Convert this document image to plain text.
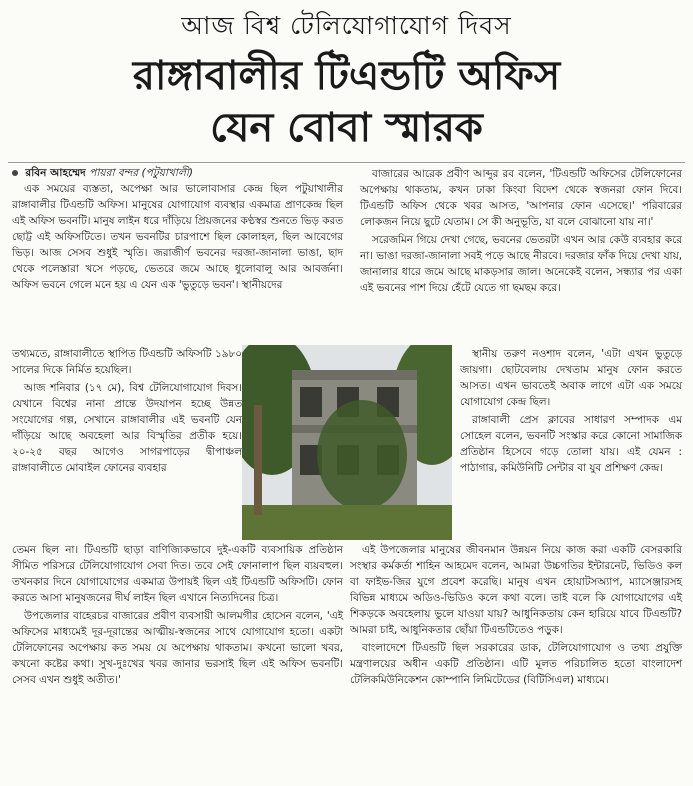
আজ বিশ্ব টেলিযোগাযোগ দিবস
রাঙ্গাবালীর টিএন্ডটি অফিস
যেন বোবা স্মারক
রবিন আহম্মেদ পায়রা বন্দর (পটুয়াখালী)

এক সময়ের ব্যস্ততা, অপেক্ষা আর ভালোবাসার কেন্দ্র ছিল পটুয়াখালীর রাঙ্গাবালীর টিএন্ডটি অফিস। মানুষের যোগাযোগ ব্যবস্থার একমাত্র প্রাণকেন্দ্র ছিল এই অফিস ভবনটি। মানুষ লাইন ধরে দাঁড়িয়ে প্রিয়জনের কণ্ঠস্বর শুনতে ভিড় করত ছোট্ট এই অফিসটিতে। তখন ভবনটির চারপাশে ছিল কোলাহল, ছিল আবেগের ভিড়। আজ সেসব শুধুই স্মৃতি। জরাজীর্ণ ভবনের দরজা-জানালা ভাঙা, ছাদ থেকে পলেস্তারা খসে পড়ছে, ভেতরে জমে আছে ধুলোবালু আর আবর্জনা। অফিস ভবনে গেলে মনে হয় এ যেন এক 'ভুতুড়ে ভবন'। স্থানীয়দের

তথ্যমতে, রাঙ্গাবালীতে স্থাপিত টিএন্ডটি অফিসটি ১৯৮০ সালের দিকে নির্মিত হয়েছিল।

আজ শনিবার (১৭ মে), বিশ্ব টেলিযোগাযোগ দিবস। যেখানে বিশ্বের নানা প্রান্তে উদযাপন হচ্ছে উন্নত সংযোগের গল্প, সেখানে রাঙ্গাবালীর এই ভবনটি যেন দাঁড়িয়ে আছে অবহেলা আর বিস্মৃতির প্রতীক হয়ে। ২০-২৫ বছর আগেও সাগরপাড়ের দ্বীপাঞ্চল রাঙ্গাবালীতে মোবাইল ফোনের ব্যবহার

তেমন ছিল না। টিএন্ডটি ছাড়া বাণিজ্যিকভাবে দুই-একটি ব্যবসায়িক প্রতিষ্ঠান সীমিত পরিসরে টেলিযোগাযোগ সেবা দিত। তবে সেই ফোনালাপ ছিল ব্যয়বহুল। তখনকার দিনে যোগাযোগের একমাত্র উপায়ই ছিল এই টিএন্ডটি অফিসটি। ফোন করতে আসা মানুষজনের দীর্ঘ লাইন ছিল এখানে নিত্যদিনের চিত্র।

উপজেলার বাহেরচর বাজারের প্রবীণ ব্যবসায়ী আলমগীর হোসেন বলেন, 'এই অফিসের মাধ্যমেই দূর-দূরান্তের আত্মীয়-স্বজনের সাথে যোগাযোগ হতো। একটা টেলিফোনের অপেক্ষায় কত সময় যে অপেক্ষায় থাকতাম। কখনো ভালো খবর, কখনো কষ্টের কথা। সুখ-দুঃখের খবর জানার ভরসাই ছিল এই অফিস ভবনটি। সেসব এখন শুধুই অতীত।'

বাজারের আরেক প্রবীণ আব্দুর রব বলেন, 'টিএন্ডটি অফিসের টেলিফোনের অপেক্ষায় থাকতাম, কখন ঢাকা কিংবা বিদেশ থেকে স্বজনরা ফোন দিবে। টিএন্ডটি অফিস থেকে খবর আসত, 'আপনার ফোন এসেছে।' পরিবারের লোকজন নিয়ে ছুটে যেতাম। সে কী অনুভূতি, যা বলে বোঝানো যায় না।'

সরেজমিন গিয়ে দেখা গেছে, ভবনের ভেতরটা এখন আর কেউ ব্যবহার করে না। ভাঙা দরজা-জানালা সবই পড়ে আছে নীরবে। দরজার ফাঁক দিয়ে দেখা যায়, জানালার ধারে জমে আছে মাকড়সার জাল। অনেকেই বলেন, সন্ধ্যার পর একা এই ভবনের পাশ দিয়ে হেঁটে যেতে গা ছমছম করে।

স্থানীয় তরুণ নওশাদ বলেন, 'এটা এখন ভুতুড়ে জায়গা। ছোটবেলায় দেখতাম মানুষ ফোন করতে আসত। এখন ভাবতেই অবাক লাগে এটা এক সময়ে যোগাযোগ কেন্দ্র ছিল।

রাঙ্গাবালী প্রেস ক্লাবের সাধারণ সম্পাদক এম সোহেল বলেন, ভবনটি সংস্কার করে কোনো সামাজিক প্রতিষ্ঠান হিসেবে গড়ে তোলা যায়। এই যেমন : পাঠাগার, কমিউনিটি সেন্টার বা যুব প্রশিক্ষণ কেন্দ্র।

এই উপজেলার মানুষের জীবনমান উন্নয়ন নিয়ে কাজ করা একটি বেসরকারি সংস্থার কর্মকর্তা শাহিন আহমেদ বলেন, আমরা উচ্চগতির ইন্টারনেট, ভিডিও কল বা ফাইভ-জির যুগে প্রবেশ করেছি। মানুষ এখন হোয়াটসঅ্যাপ, ম্যাসেঞ্জারসহ বিভিন্ন মাধ্যমে অডিও-ভিডিও কলে কথা বলে। তাই বলে কি যোগাযোগের এই শিকড়কে অবহেলায় ভুলে যাওয়া যায়? আধুনিকতায় কেন হারিয়ে যাবে টিএন্ডটি? আমরা চাই, আধুনিকতার ছোঁয়া টিএন্ডটিতেও পড়ুক।

বাংলাদেশে টিএন্ডটি ছিল সরকারের ডাক, টেলিযোগাযোগ ও তথ্য প্রযুক্তি মন্ত্রণালয়ের অধীন একটি প্রতিষ্ঠান। এটি মূলত পরিচালিত হতো বাংলাদেশ টেলিকমিউনিকেশন কোম্পানি লিমিটেডের (বিটিসিএল) মাধ্যমে।
